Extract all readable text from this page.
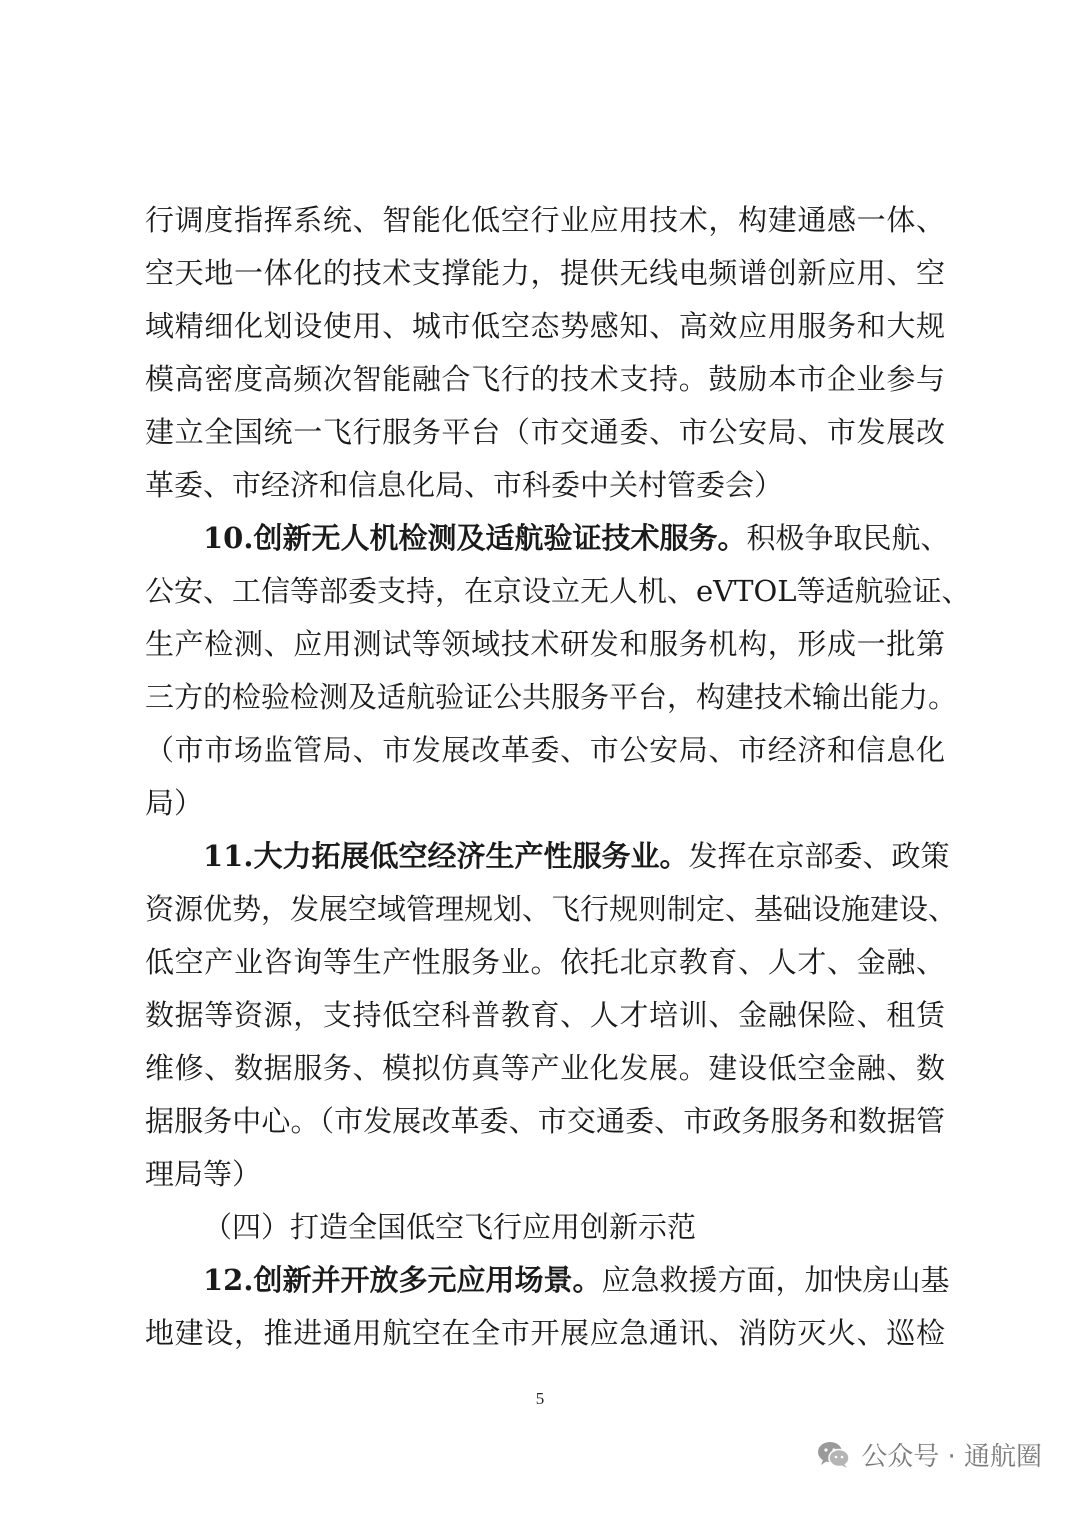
行调度指挥系统、智能化低空行业应用技术，构建通感一体、
空天地一体化的技术支撑能力，提供无线电频谱创新应用、空
域精细化划设使用、城市低空态势感知、高效应用服务和大规
模高密度高频次智能融合飞行的技术支持。鼓励本市企业参与
建立全国统一飞行服务平台（市交通委、市公安局、市发展改
革委、市经济和信息化局、市科委中关村管委会）
10.创新无人机检测及适航验证技术服务。积极争取民航、
公安、工信等部委支持，在京设立无人机、eVTOL等适航验证、
生产检测、应用测试等领域技术研发和服务机构，形成一批第
三方的检验检测及适航验证公共服务平台，构建技术输出能力。
（市市场监管局、市发展改革委、市公安局、市经济和信息化
局）
11.大力拓展低空经济生产性服务业。发挥在京部委、政策
资源优势，发展空域管理规划、飞行规则制定、基础设施建设、
低空产业咨询等生产性服务业。依托北京教育、人才、金融、
数据等资源，支持低空科普教育、人才培训、金融保险、租赁
维修、数据服务、模拟仿真等产业化发展。建设低空金融、数
据服务中心。（市发展改革委、市交通委、市政务服务和数据管
理局等）
（四）打造全国低空飞行应用创新示范
12.创新并开放多元应用场景。应急救援方面，加快房山基
地建设，推进通用航空在全市开展应急通讯、消防灭火、巡检
5
公众号 · 通航圈
